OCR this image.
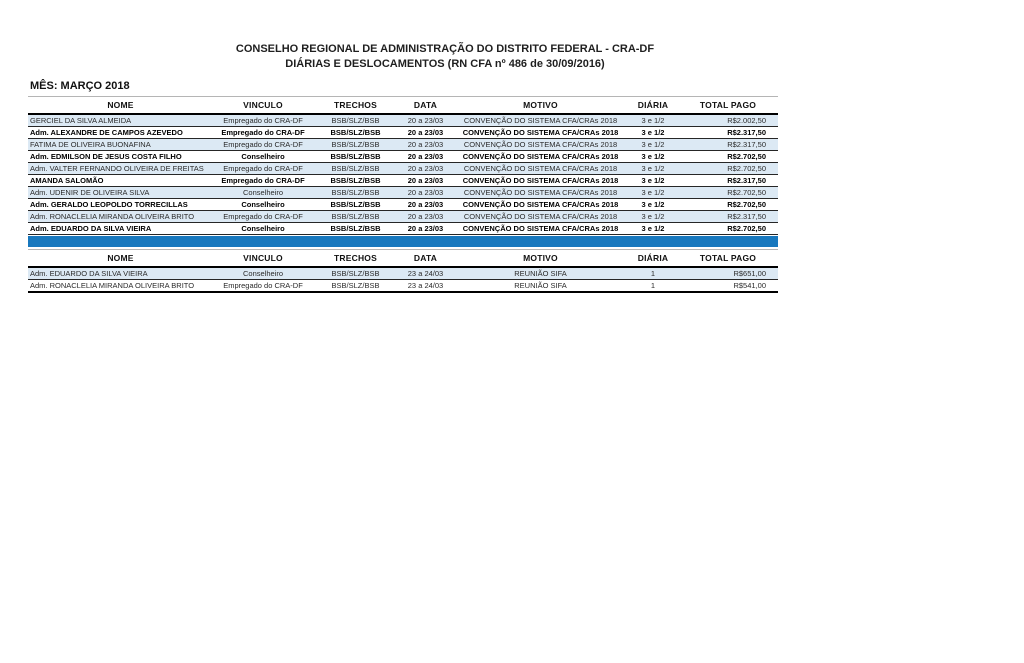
CONSELHO REGIONAL DE ADMINISTRAÇÃO DO DISTRITO FEDERAL - CRA-DF
DIÁRIAS E DESLOCAMENTOS (RN CFA nº 486 de 30/09/2016)
MÊS: MARÇO 2018
NOME	VINCULO	TRECHOS	DATA	MOTIVO	DIÁRIA	TOTAL PAGO
GERCIEL DA SILVA ALMEIDA	Empregado do CRA-DF	BSB/SLZ/BSB	20 a 23/03	CONVENÇÃO DO SISTEMA CFA/CRAs 2018	3 e 1/2	R$2.002,50
Adm. ALEXANDRE DE CAMPOS AZEVEDO	Empregado do CRA-DF	BSB/SLZ/BSB	20 a 23/03	CONVENÇÃO DO SISTEMA CFA/CRAs 2018	3 e 1/2	R$2.317,50
FATIMA DE OLIVEIRA BUONAFINA	Empregado do CRA-DF	BSB/SLZ/BSB	20 a 23/03	CONVENÇÃO DO SISTEMA CFA/CRAs 2018	3 e 1/2	R$2.317,50
Adm. EDMILSON DE JESUS COSTA FILHO	Conselheiro	BSB/SLZ/BSB	20 a 23/03	CONVENÇÃO DO SISTEMA CFA/CRAs 2018	3 e 1/2	R$2.702,50
Adm. VALTER FERNANDO OLIVEIRA DE FREITAS	Empregado do CRA-DF	BSB/SLZ/BSB	20 a 23/03	CONVENÇÃO DO SISTEMA CFA/CRAs 2018	3 e 1/2	R$2.702,50
AMANDA SALOMÃO	Empregado do CRA-DF	BSB/SLZ/BSB	20 a 23/03	CONVENÇÃO DO SISTEMA CFA/CRAs 2018	3 e 1/2	R$2.317,50
Adm. UDENIR DE OLIVEIRA SILVA	Conselheiro	BSB/SLZ/BSB	20 a 23/03	CONVENÇÃO DO SISTEMA CFA/CRAs 2018	3 e 1/2	R$2.702,50
Adm. GERALDO LEOPOLDO TORRECILLAS	Conselheiro	BSB/SLZ/BSB	20 a 23/03	CONVENÇÃO DO SISTEMA CFA/CRAs 2018	3 e 1/2	R$2.702,50
Adm. RONACLELIA MIRANDA OLIVEIRA BRITO	Empregado do CRA-DF	BSB/SLZ/BSB	20 a 23/03	CONVENÇÃO DO SISTEMA CFA/CRAs 2018	3 e 1/2	R$2.317,50
Adm. EDUARDO DA SILVA VIEIRA	Conselheiro	BSB/SLZ/BSB	20 a 23/03	CONVENÇÃO DO SISTEMA CFA/CRAs 2018	3 e 1/2	R$2.702,50
NOME	VINCULO	TRECHOS	DATA	MOTIVO	DIÁRIA	TOTAL PAGO
Adm. EDUARDO DA SILVA VIEIRA	Conselheiro	BSB/SLZ/BSB	23 a 24/03	REUNIÃO SIFA	1	R$651,00
Adm. RONACLELIA MIRANDA OLIVEIRA BRITO	Empregado do CRA-DF	BSB/SLZ/BSB	23 a 24/03	REUNIÃO SIFA	1	R$541,00
